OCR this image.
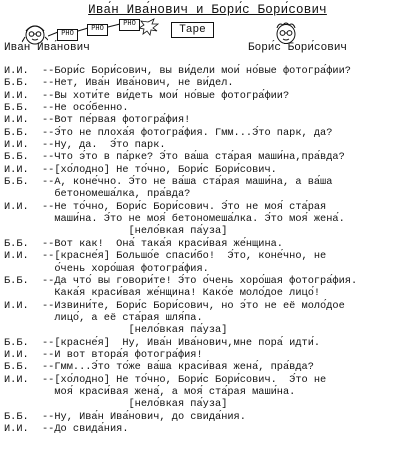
Ива́н Ива́нович и Бори́с Бори́сович
PHO
PHO
PHO	Tape
Ива́н Ива́нович	Бори́с Бори́сович
И.И.	--Бори́с Бори́сович, вы ви́дели мои́ но́вые фотогра́фии?
Б.Б.	--Нет, Ива́н Ива́нович, не ви́дел.
И.И.	--Вы хоти́те ви́деть мои́ но́вые фотогра́фии?
Б.Б.	--Не осо́бенно.
И.И.	--Вот пе́рвая фотогра́фия!
Б.Б.	--Э́то не плоха́я фотогра́фия. Гмм...Э́то парк, да?
И.И.	--Ну, да.  Э́то парк.
Б.Б.	--Что э́то в па́рке? Э́то ва́ша ста́рая маши́на,пра́вда?
И.И.	--[хо́лодно] Не то́чно, Бори́с Бори́сович.
Б.Б.	--А, коне́чно. Э́то не ва́ша ста́рая маши́на, а ва́ша
бетономеша́лка, пра́вда?
И.И.	--Не то́чно, Бори́с Бори́сович. Э́то не моя́ ста́рая
маши́на. Э́то не моя́ бетономеша́лка. Э́то моя́ жена́.
[нело́вкая па́уза]
Б.Б.	--Вот как!  Она́ така́я краси́вая же́нщина.
И.И.	--[красне́я] Большо́е спаси́бо!  Э́то, коне́чно, не
о́чень хоро́шая фотогра́фия.
Б.Б.	--Да что́ вы говори́те! Э́то о́чень хоро́шая фотогра́фия.
Кака́я краси́вая же́нщина! Како́е моло́дое лицо́!
И.И.	--Извини́те, Бори́с Бори́сович, но э́то не её моло́дое
лицо́, а её ста́рая шля́па.
[нело́вкая па́уза]
Б.Б.	--[красне́я]  Ну, Ива́н Ива́нович,мне пора́ идти́.
И.И.	--И вот втора́я фотогра́фия!
Б.Б.	--Гмм...Э́то то́же ва́ша краси́вая жена́, пра́вда?
И.И.	--[хо́лодно] Не то́чно, Бори́с Бори́сович.  Э́то не
моя́ краси́вая жена́, а моя́ ста́рая маши́на.
[нело́вкая па́уза]
Б.Б.	--Ну, Ива́н Ива́нович, до свида́ния.
И.И.	--До свида́ния.
